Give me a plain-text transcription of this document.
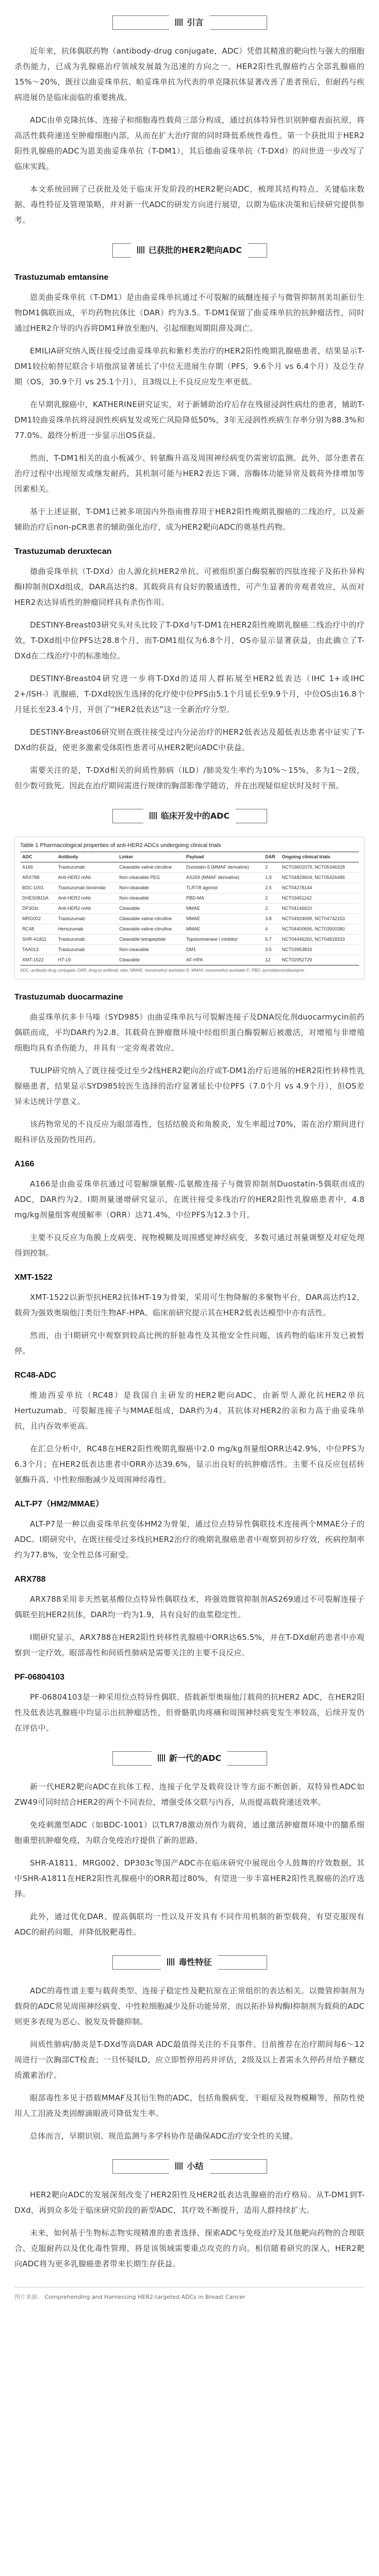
引言

近年来，抗体偶联药物（antibody-drug conjugate，ADC）凭借其精准的靶向性与强大的细胞杀伤能力，已成为乳腺癌治疗领域发展最为迅速的方向之一。HER2阳性乳腺癌约占全部乳腺癌的15%～20%，既往以曲妥珠单抗、帕妥珠单抗为代表的单克隆抗体显著改善了患者预后，但耐药与疾病进展仍是临床面临的重要挑战。

ADC由单克隆抗体、连接子和细胞毒性载荷三部分构成，通过抗体特异性识别肿瘤表面抗原，将高活性载荷递送至肿瘤细胞内部，从而在扩大治疗窗的同时降低系统性毒性。第一个获批用于HER2阳性乳腺癌的ADC为恩美曲妥珠单抗（T-DM1），其后德曲妥珠单抗（T-DXd）的问世进一步改写了临床实践。

本文系统回顾了已获批及处于临床开发阶段的HER2靶向ADC，梳理其结构特点、关键临床数据、毒性特征及管理策略，并对新一代ADC的研发方向进行展望，以期为临床决策和后续研究提供参考。

已获批的HER2靶向ADC
Trastuzumab emtansine

恩美曲妥珠单抗（T-DM1）是由曲妥珠单抗通过不可裂解的硫醚连接子与微管抑制剂美坦新衍生物DM1偶联而成，平均药物抗体比（DAR）约为3.5。T-DM1保留了曲妥珠单抗的抗肿瘤活性，同时通过HER2介导的内吞将DM1释放至胞内，引起细胞周期阻滞及凋亡。

EMILIA研究纳入既往接受过曲妥珠单抗和紫杉类治疗的HER2阳性晚期乳腺癌患者，结果显示T-DM1较拉帕替尼联合卡培他滨显著延长了中位无进展生存期（PFS，9.6个月 vs 6.4个月）及总生存期（OS，30.9个月 vs 25.1个月），且3级以上不良反应发生率更低。

在早期乳腺癌中，KATHERINE研究证实，对于新辅助治疗后存在残留浸润性病灶的患者，辅助T-DM1较曲妥珠单抗将浸润性疾病复发或死亡风险降低50%，3年无浸润性疾病生存率分别为88.3%和77.0%。最终分析进一步显示出OS获益。

然而，T-DM1相关的血小板减少、转氨酶升高及周围神经病变仍需密切监测。此外，部分患者在治疗过程中出现原发或继发耐药，其机制可能与HER2表达下调、溶酶体功能异常及载荷外排增加等因素相关。

基于上述证据，T-DM1已被多项国内外指南推荐用于HER2阳性晚期乳腺癌的二线治疗，以及新辅助治疗后non-pCR患者的辅助强化治疗，成为HER2靶向ADC的奠基性药物。

Trastuzumab deruxtecan

德曲妥珠单抗（T-DXd）由人源化抗HER2单抗、可被组织蛋白酶裂解的四肽连接子及拓扑异构酶I抑制剂DXd组成，DAR高达约8。其载荷具有良好的膜通透性，可产生显著的旁观者效应，从而对HER2表达异质性的肿瘤同样具有杀伤作用。

DESTINY-Breast03研究头对头比较了T-DXd与T-DM1在HER2阳性晚期乳腺癌二线治疗中的疗效，T-DXd组中位PFS达28.8个月，而T-DM1组仅为6.8个月，OS亦显示显著获益，由此确立了T-DXd在二线治疗中的标准地位。

DESTINY-Breast04研究进一步将T-DXd的适用人群拓展至HER2低表达（IHC 1+或IHC 2+/ISH-）乳腺癌，T-DXd较医生选择的化疗使中位PFS由5.1个月延长至9.9个月，中位OS由16.8个月延长至23.4个月，开创了“HER2低表达”这一全新治疗分型。

DESTINY-Breast06研究则在既往接受过内分泌治疗的HER2低表达及超低表达患者中证实了T-DXd的获益，使更多激素受体阳性患者可从HER2靶向ADC中获益。

需要关注的是，T-DXd相关的间质性肺病（ILD）/肺炎发生率约为10%～15%，多为1～2级，但少数可致死。因此在治疗期间需进行规律的胸部影像学随访，并在出现疑似症状时及时干预。

临床开发中的ADC
Table 1 Pharmacological properties of anti-HER2 ADCs undergoing clinical trials
ADC	Antibody	Linker	Payload	DAR	Ongoing clinical trials
A166	Trastuzumab	Cleavable valine-citrulline	Duostatin-5 (MMAF derivative)	2	NCT03602079, NCT05346328
ARX788	Anti-HER2 mAb	Non-cleavable PEG	AS269 (MMAF derivative)	1.9	NCT04829604, NCT05426486
BDC-1001	Trastuzumab biosimilar	Non-cleavable	TLR7/8 agonist	2.5	NCT04278144
DHES0815A	Anti-HER2 mAb	Non-cleavable	PBD-MA	2	NCT03451162
DP303c	Anti-HER2 mAb	Cleavable	MMAE	2	NCT04146610
MRG002	Trastuzumab	Cleavable valine-citrulline	MMAE	3.8	NCT04924699, NCT04742153
RC48	Hertuzumab	Cleavable valine-citrulline	MMAE	4	NCT04400695, NCT03500380
SHR-A1811	Trastuzumab	Cleavable tetrapeptide	Topoisomerase I inhibitor	5.7	NCT04446260, NCT04818333
TAA013	Trastuzumab	Non-cleavable	DM1	3.5	NCT03953833
XMT-1522	HT-19	Cleavable	AF-HPA	12	NCT02952729
ADC, antibody-drug conjugate; DAR, drug-to-antibody ratio; MMAE, monomethyl auristatin E; MMAF, monomethyl auristatin F; PBD, pyrrolobenzodiazepine.
Trastuzumab duocarmazine

曲妥珠单抗多卡马嗪（SYD985）由曲妥珠单抗与可裂解连接子及DNA烷化剂duocarmycin前药偶联而成，平均DAR约为2.8。其载荷在肿瘤微环境中经组织蛋白酶裂解后被激活，对增殖与非增殖细胞均具有杀伤能力，并具有一定旁观者效应。

TULIP研究纳入了既往接受过至少2线HER2靶向治疗或T-DM1治疗后进展的HER2阳性转移性乳腺癌患者，结果显示SYD985较医生选择的治疗显著延长中位PFS（7.0个月 vs 4.9个月），但OS差异未达统计学意义。

该药物常见的不良反应为眼部毒性，包括结膜炎和角膜炎，发生率超过70%，需在治疗期间进行眼科评估及预防性用药。

A166

A166是由曲妥珠单抗通过可裂解缬氨酸-瓜氨酸连接子与微管抑制剂Duostatin-5偶联而成的ADC，DAR约为2。I期剂量递增研究显示，在既往接受多线治疗的HER2阳性乳腺癌患者中，4.8 mg/kg剂量组客观缓解率（ORR）达71.4%，中位PFS为12.3个月。

主要不良反应为角膜上皮病变、视物模糊及周围感觉神经病变，多数可通过剂量调整及对症处理得到控制。

XMT-1522

XMT-1522以新型抗HER2抗体HT-19为骨架，采用可生物降解的多聚物平台，DAR高达约12，载荷为强效奥瑞他汀类衍生物AF-HPA。临床前研究提示其在HER2低表达模型中亦有活性。

然而，由于I期研究中观察到较高比例的肝脏毒性及其他安全性问题，该药物的临床开发已被暂停。

RC48-ADC

维迪西妥单抗（RC48）是我国自主研发的HER2靶向ADC，由新型人源化抗HER2单抗Hertuzumab、可裂解连接子与MMAE组成，DAR约为4。其抗体对HER2的亲和力高于曲妥珠单抗，且内吞效率更高。

在汇总分析中，RC48在HER2阳性晚期乳腺癌中2.0 mg/kg剂量组ORR达42.9%，中位PFS为6.3个月；在HER2低表达患者中ORR亦达39.6%，显示出良好的抗肿瘤活性。主要不良反应包括转氨酶升高、中性粒细胞减少及周围神经毒性。

ALT-P7（HM2/MMAE）

ALT-P7是一种以曲妥珠单抗变体HM2为骨架，通过位点特异性偶联技术连接两个MMAE分子的ADC。I期研究中，在既往接受过多线抗HER2治疗的晚期乳腺癌患者中观察到初步疗效，疾病控制率约为77.8%，安全性总体可耐受。

ARX788

ARX788采用非天然氨基酸位点特异性偶联技术，将强效微管抑制剂AS269通过不可裂解连接子偶联至抗HER2抗体，DAR均一约为1.9，具有良好的血浆稳定性。

I期研究显示，ARX788在HER2阳性转移性乳腺癌中ORR达65.5%，并在T-DXd耐药患者中亦观察到一定疗效。眼部毒性和间质性肺病是需要关注的主要不良反应。

PF-06804103

PF-06804103是一种采用位点特异性偶联、搭载新型奥瑞他汀载荷的抗HER2 ADC，在HER2阳性及低表达乳腺癌中均显示出抗肿瘤活性，但骨骼肌肉疼痛和周围神经病变发生率较高，后续开发仍在评估中。

新一代的ADC

新一代HER2靶向ADC在抗体工程、连接子化学及载荷设计等方面不断创新。双特异性ADC如ZW49可同时结合HER2的两个不同表位，增强受体交联与内吞，从而提高载荷递送效率。

免疫刺激型ADC（如BDC-1001）以TLR7/8激动剂作为载荷，通过激活肿瘤微环境中的髓系细胞重塑抗肿瘤免疫，为联合免疫治疗提供了新的思路。

SHR-A1811、MRG002、DP303c等国产ADC亦在临床研究中展现出令人鼓舞的疗效数据，其中SHR-A1811在HER2阳性乳腺癌中的ORR超过80%，有望进一步丰富HER2阳性乳腺癌的治疗选择。

此外，通过优化DAR、提高偶联均一性以及开发具有不同作用机制的新型载荷，有望克服现有ADC的耐药问题，并降低脱靶毒性。

毒性特征

ADC的毒性谱主要与载荷类型、连接子稳定性及靶抗原在正常组织的表达相关。以微管抑制剂为载荷的ADC常见周围神经病变、中性粒细胞减少及肝功能异常，而以拓扑异构酶I抑制剂为载荷的ADC则更多表现为恶心、脱发及骨髓抑制。

间质性肺病/肺炎是T-DXd等高DAR ADC最值得关注的不良事件。目前推荐在治疗期间每6～12周进行一次胸部CT检查；一旦怀疑ILD，应立即暂停用药并评估，2级及以上者需永久停药并给予糖皮质激素治疗。

眼部毒性多见于搭载MMAF及其衍生物的ADC，包括角膜病变、干眼症及视物模糊等，预防性使用人工泪液及类固醇滴眼液可降低发生率。

总体而言，早期识别、规范监测与多学科协作是确保ADC治疗安全性的关键。

小结

HER2靶向ADC的发展深刻改变了HER2阳性及HER2低表达乳腺癌的治疗格局。从T-DM1到T-DXd，再到众多处于临床研究阶段的新型ADC，其疗效不断提升，适用人群持续扩大。

未来，如何基于生物标志物实现精准的患者选择、探索ADC与免疫治疗及其他靶向药物的合理联合、克服耐药以及优化毒性管理，将是该领域需要重点攻克的方向。相信随着研究的深入，HER2靶向ADC将为更多乳腺癌患者带来长期生存获益。

图片来源： Comprehending and Harnessing HER2-targeted ADCs in Breast Cancer
